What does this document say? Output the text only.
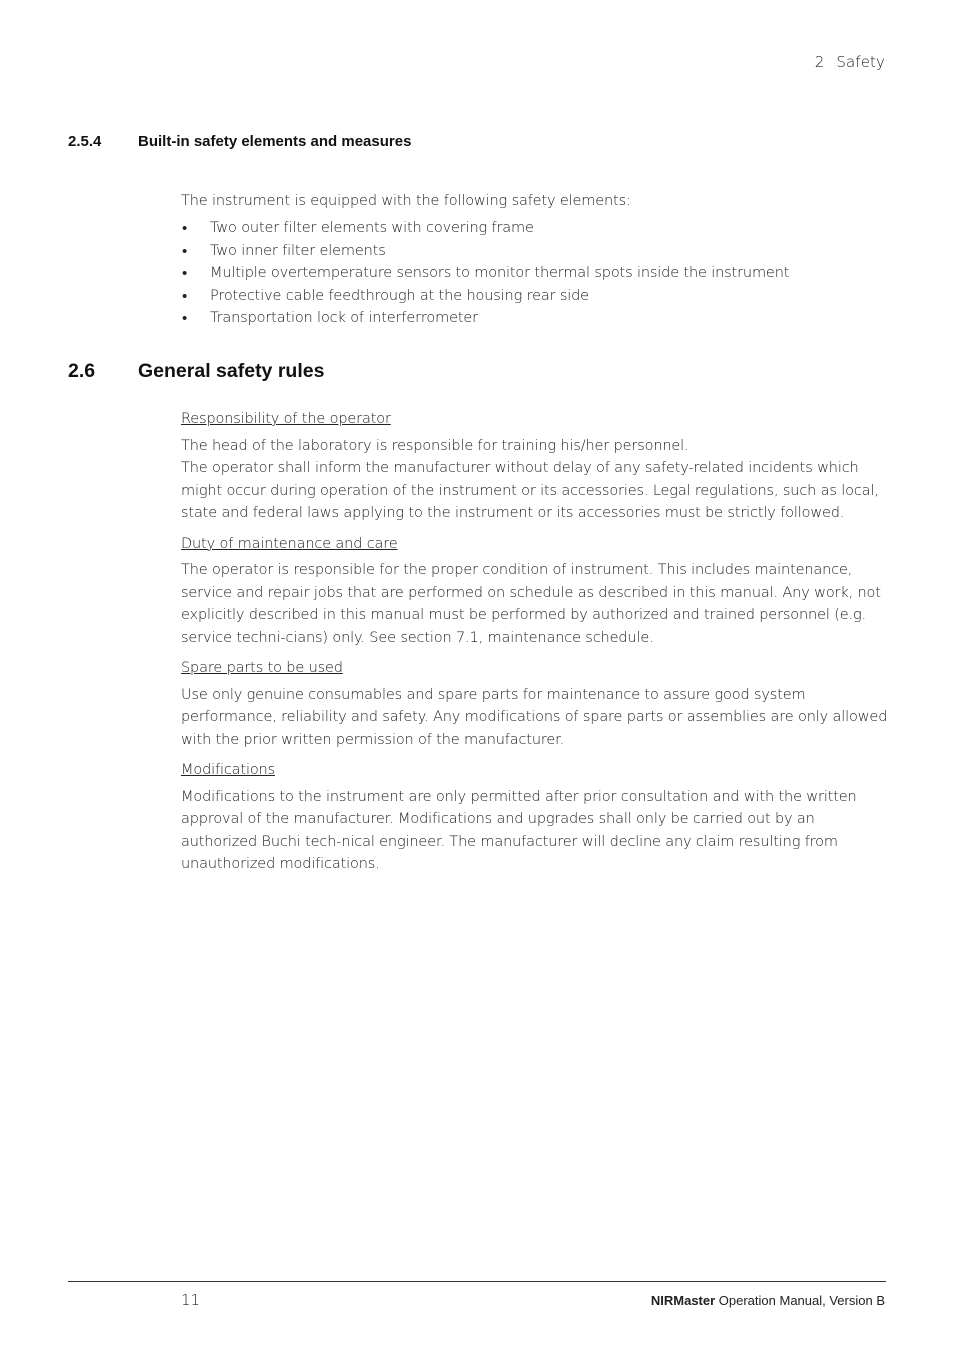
2 Safety
2.5.4 Built-in safety elements and measures

The instrument is equipped with the following safety elements:

• Two outer filter elements with covering frame
• Two inner filter elements
• Multiple overtemperature sensors to monitor thermal spots inside the instrument
• Protective cable feedthrough at the housing rear side
• Transportation lock of interferrometer
2.6 General safety rules

Responsibility of the operator

The head of the laboratory is responsible for training his/her personnel.
The operator shall inform the manufacturer without delay of any safety-related incidents which might occur during operation of the instrument or its accessories. Legal regulations, such as local, state and federal laws applying to the instrument or its accessories must be strictly followed.

Duty of maintenance and care

The operator is responsible for the proper condition of instrument. This includes maintenance, service and repair jobs that are performed on schedule as described in this manual. Any work, not explicitly described in this manual must be performed by authorized and trained personnel (e.g. service techni-cians) only. See section 7.1, maintenance schedule.

Spare parts to be used

Use only genuine consumables and spare parts for maintenance to assure good system performance, reliability and safety. Any modifications of spare parts or assemblies are only allowed with the prior written permission of the manufacturer.

Modifications

Modifications to the instrument are only permitted after prior consultation and with the written approval of the manufacturer. Modifications and upgrades shall only be carried out by an authorized Buchi tech-nical engineer. The manufacturer will decline any claim resulting from unauthorized modifications.

11	NIRMaster Operation Manual, Version B
